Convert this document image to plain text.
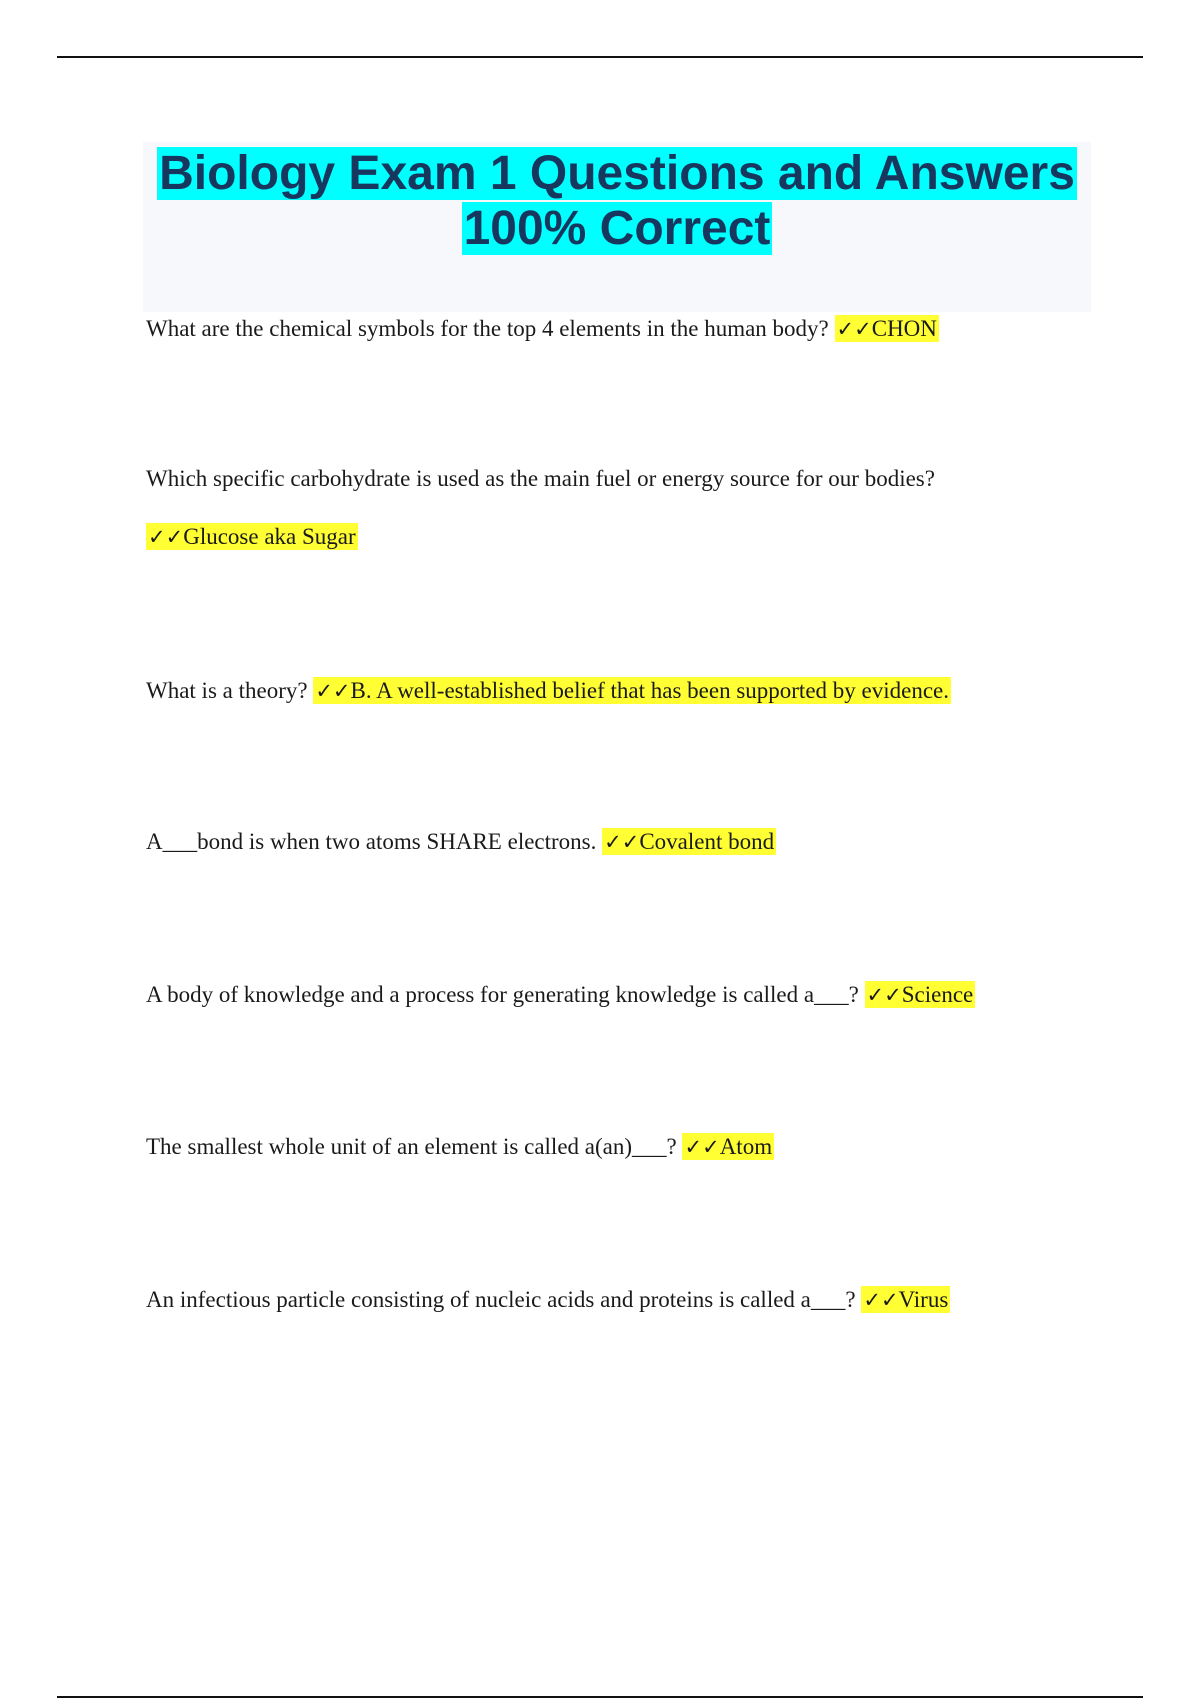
Biology Exam 1 Questions and Answers
100% Correct
What are the chemical symbols for the top 4 elements in the human body? ✓✓CHON
Which specific carbohydrate is used as the main fuel or energy source for our bodies?
✓✓Glucose aka Sugar
What is a theory? ✓✓B. A well-established belief that has been supported by evidence.
A___bond is when two atoms SHARE electrons. ✓✓Covalent bond
A body of knowledge and a process for generating knowledge is called a___? ✓✓Science
The smallest whole unit of an element is called a(an)___? ✓✓Atom
An infectious particle consisting of nucleic acids and proteins is called a___? ✓✓Virus
